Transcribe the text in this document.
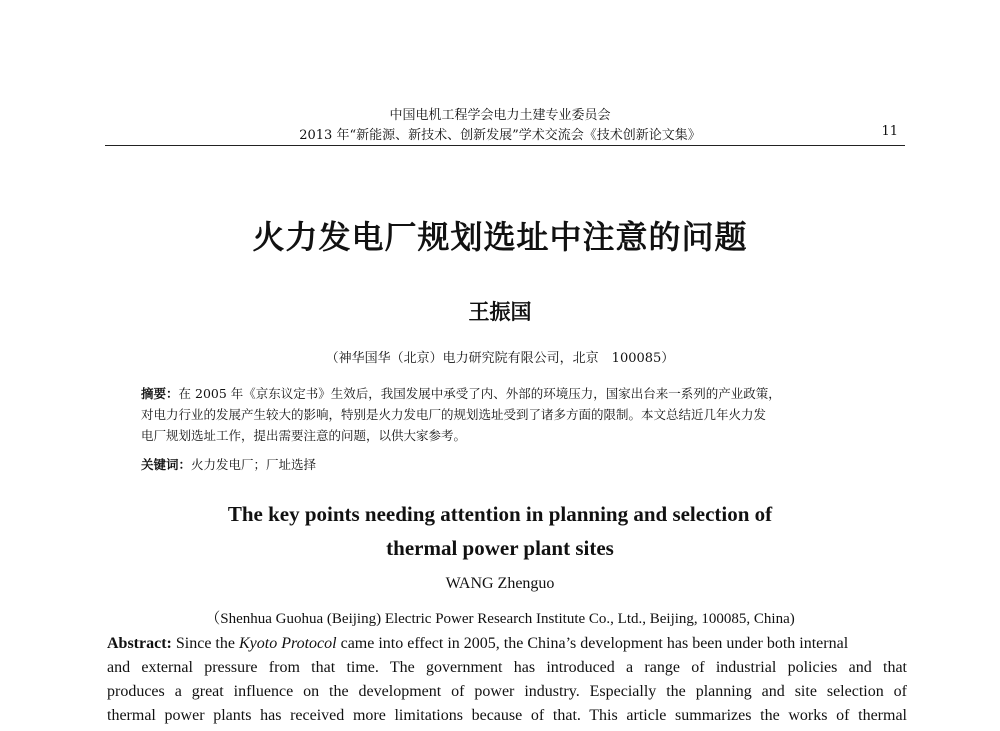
中国电机工程学会电力土建专业委员会
2013 年“新能源、新技术、创新发展”学术交流会《技术创新论文集》	11
火力发电厂规划选址中注意的问题
王振国
（神华国华（北京）电力研究院有限公司，北京　100085）
摘要：在 2005 年《京东议定书》生效后，我国发展中承受了内、外部的环境压力，国家出台来一系列的产业政策，
对电力行业的发展产生较大的影响，特别是火力发电厂的规划选址受到了诸多方面的限制。本文总结近几年火力发
电厂规划选址工作，提出需要注意的问题，以供大家参考。
关键词：火力发电厂；厂址选择
The key points needing attention in planning and selection of
thermal power plant sites
WANG Zhenguo
（Shenhua Guohua (Beijing) Electric Power Research Institute Co., Ltd., Beijing, 100085, China)
Abstract: Since the Kyoto Protocol came into effect in 2005, the China’s development has been under both internal
and external pressure from that time. The government has introduced a range of industrial policies and that
produces a great influence on the development of power industry. Especially the planning and site selection of
thermal power plants has received more limitations because of that. This article summarizes the works of thermal
